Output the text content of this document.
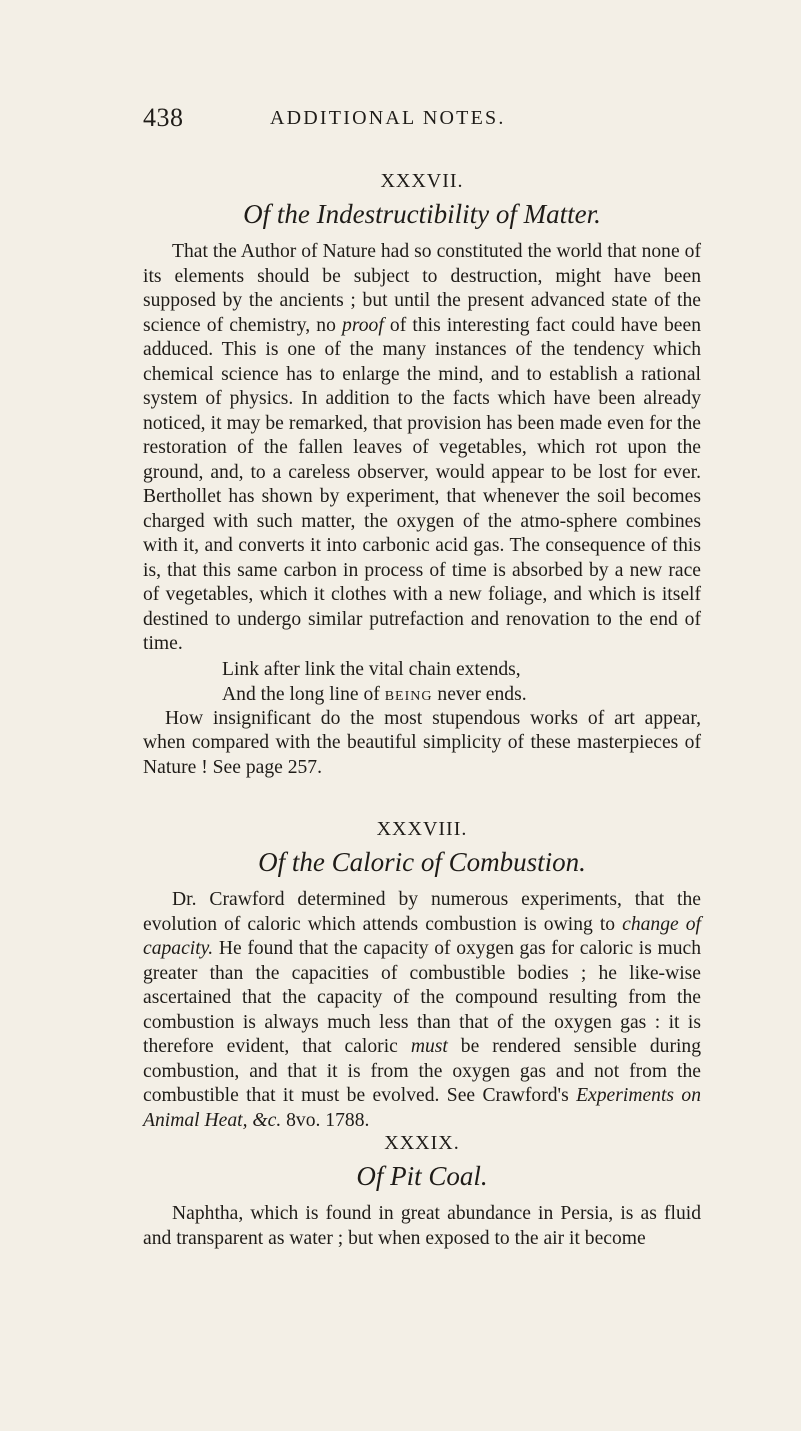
438	ADDITIONAL NOTES.
XXXVII.
Of the Indestructibility of Matter.

That the Author of Nature had so constituted the world that none of its elements should be subject to destruction, might have been supposed by the ancients ; but until the present advanced state of the science of chemistry, no proof of this interesting fact could have been adduced. This is one of the many instances of the tendency which chemical science has to enlarge the mind, and to establish a rational system of physics. In addition to the facts which have been already noticed, it may be remarked, that provision has been made even for the restoration of the fallen leaves of vegetables, which rot upon the ground, and, to a careless observer, would appear to be lost for ever. Berthollet has shown by experiment, that whenever the soil becomes charged with such matter, the oxygen of the atmo-sphere combines with it, and converts it into carbonic acid gas. The consequence of this is, that this same carbon in process of time is absorbed by a new race of vegetables, which it clothes with a new foliage, and which is itself destined to undergo similar putrefaction and renovation to the end of time.

Link after link the vital chain extends,
And the long line of being never ends.

How insignificant do the most stupendous works of art appear, when compared with the beautiful simplicity of these masterpieces of Nature ! See page 257.

XXXVIII.
Of the Caloric of Combustion.

Dr. Crawford determined by numerous experiments, that the evolution of caloric which attends combustion is owing to change of capacity. He found that the capacity of oxygen gas for caloric is much greater than the capacities of combustible bodies ; he like-wise ascertained that the capacity of the compound resulting from the combustion is always much less than that of the oxygen gas : it is therefore evident, that caloric must be rendered sensible during combustion, and that it is from the oxygen gas and not from the combustible that it must be evolved. See Crawford's Experiments on Animal Heat, &c. 8vo. 1788.

XXXIX.
Of Pit Coal.

Naphtha, which is found in great abundance in Persia, is as fluid and transparent as water ; but when exposed to the air it become
